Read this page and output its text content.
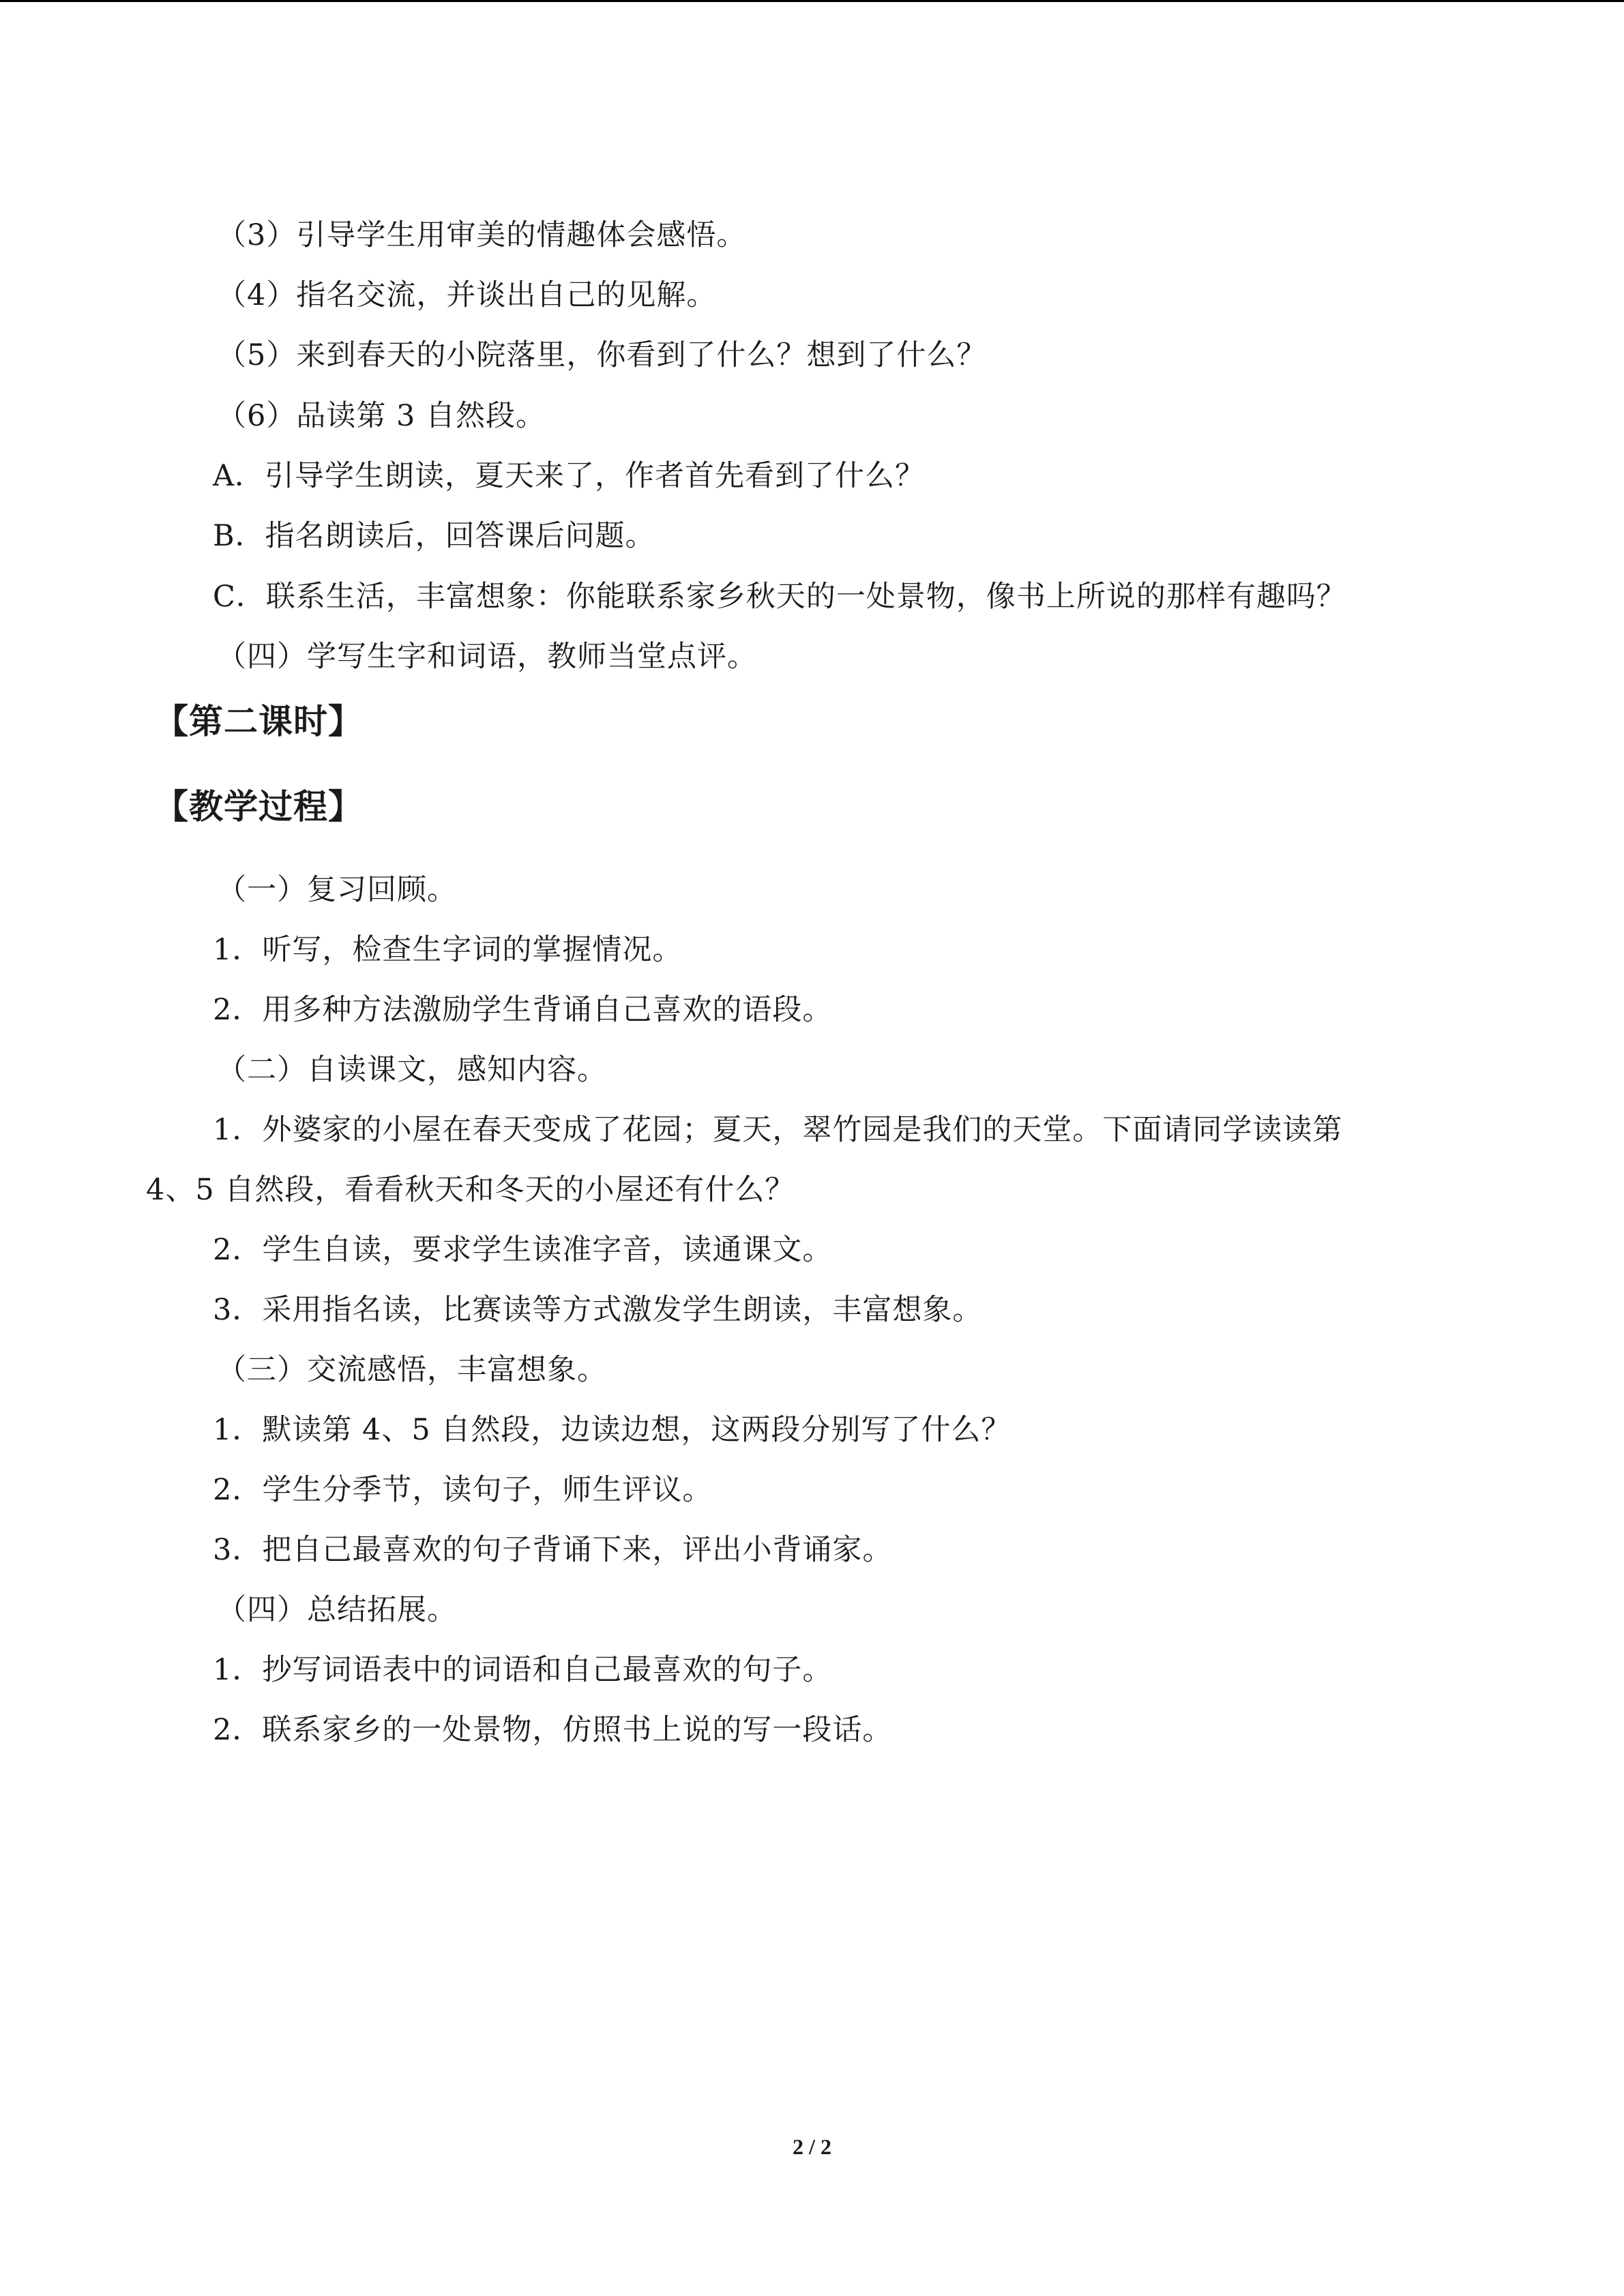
（3）引导学生用审美的情趣体会感悟。
（4）指名交流，并谈出自己的见解。
（5）来到春天的小院落里，你看到了什么？想到了什么？
（6）品读第 3 自然段。
A．引导学生朗读，夏天来了，作者首先看到了什么？
B．指名朗读后，回答课后问题。
C．联系生活，丰富想象：你能联系家乡秋天的一处景物，像书上所说的那样有趣吗？
（四）学写生字和词语，教师当堂点评。
【第二课时】
【教学过程】
（一）复习回顾。
1．听写，检查生字词的掌握情况。
2．用多种方法激励学生背诵自己喜欢的语段。
（二）自读课文，感知内容。
1．外婆家的小屋在春天变成了花园；夏天，翠竹园是我们的天堂。下面请同学读读第
4、5 自然段，看看秋天和冬天的小屋还有什么？
2．学生自读，要求学生读准字音，读通课文。
3．采用指名读，比赛读等方式激发学生朗读，丰富想象。
（三）交流感悟，丰富想象。
1．默读第 4、5 自然段，边读边想，这两段分别写了什么？
2．学生分季节，读句子，师生评议。
3．把自己最喜欢的句子背诵下来，评出小背诵家。
（四）总结拓展。
1．抄写词语表中的词语和自己最喜欢的句子。
2．联系家乡的一处景物，仿照书上说的写一段话。
2 / 2
